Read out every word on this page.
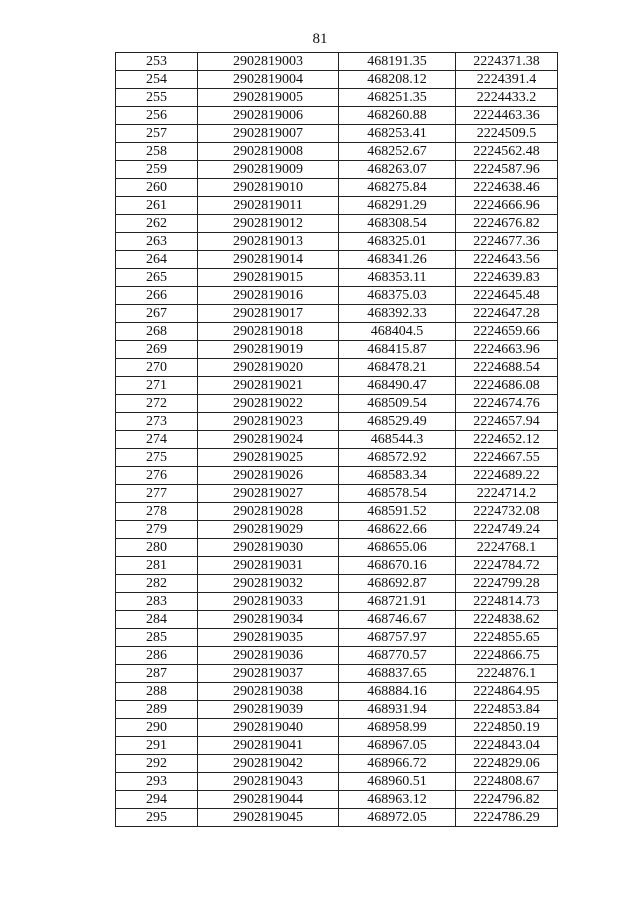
81
253	2902819003	468191.35	2224371.38
254	2902819004	468208.12	2224391.4
255	2902819005	468251.35	2224433.2
256	2902819006	468260.88	2224463.36
257	2902819007	468253.41	2224509.5
258	2902819008	468252.67	2224562.48
259	2902819009	468263.07	2224587.96
260	2902819010	468275.84	2224638.46
261	2902819011	468291.29	2224666.96
262	2902819012	468308.54	2224676.82
263	2902819013	468325.01	2224677.36
264	2902819014	468341.26	2224643.56
265	2902819015	468353.11	2224639.83
266	2902819016	468375.03	2224645.48
267	2902819017	468392.33	2224647.28
268	2902819018	468404.5	2224659.66
269	2902819019	468415.87	2224663.96
270	2902819020	468478.21	2224688.54
271	2902819021	468490.47	2224686.08
272	2902819022	468509.54	2224674.76
273	2902819023	468529.49	2224657.94
274	2902819024	468544.3	2224652.12
275	2902819025	468572.92	2224667.55
276	2902819026	468583.34	2224689.22
277	2902819027	468578.54	2224714.2
278	2902819028	468591.52	2224732.08
279	2902819029	468622.66	2224749.24
280	2902819030	468655.06	2224768.1
281	2902819031	468670.16	2224784.72
282	2902819032	468692.87	2224799.28
283	2902819033	468721.91	2224814.73
284	2902819034	468746.67	2224838.62
285	2902819035	468757.97	2224855.65
286	2902819036	468770.57	2224866.75
287	2902819037	468837.65	2224876.1
288	2902819038	468884.16	2224864.95
289	2902819039	468931.94	2224853.84
290	2902819040	468958.99	2224850.19
291	2902819041	468967.05	2224843.04
292	2902819042	468966.72	2224829.06
293	2902819043	468960.51	2224808.67
294	2902819044	468963.12	2224796.82
295	2902819045	468972.05	2224786.29
